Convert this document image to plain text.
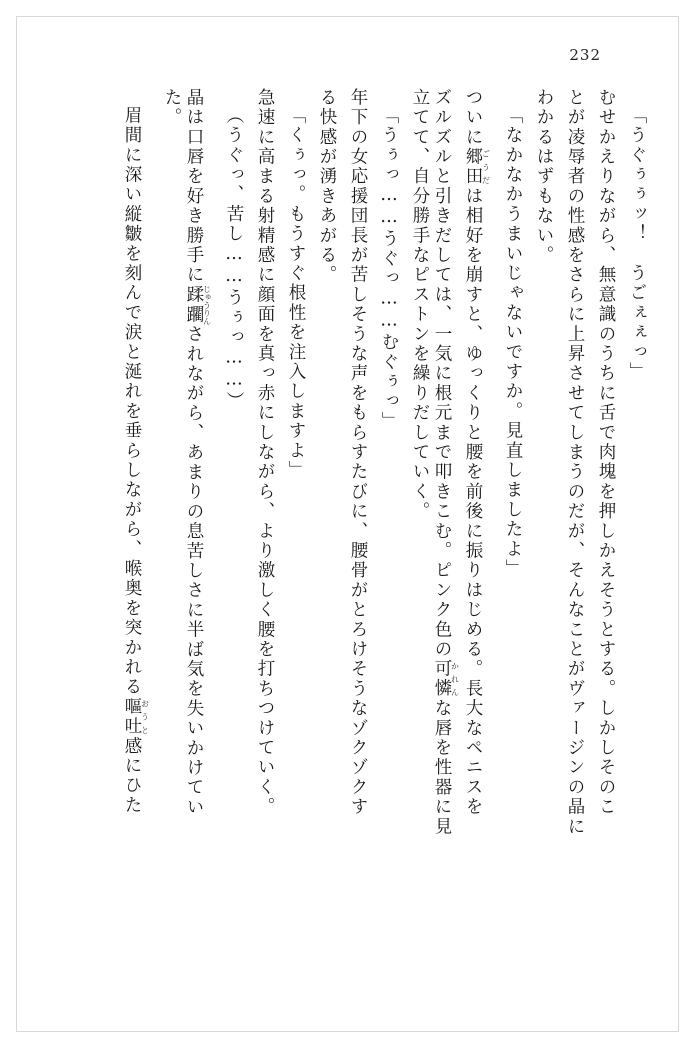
232
「うぐぅぅッ！　うごぇぇっ」
むせかえりながら、無意識のうちに舌で肉塊を押しかえそうとする。しかしそのこ
とが凌辱者の性感をさらに上昇させてしまうのだが、そんなことがヴァージンの晶に
わかるはずもない。
「なかなかうまいじゃないですか。見直しましたよ」
ついに郷田ごうだは相好を崩すと、ゆっくりと腰を前後に振りはじめる。長大なペニスを
ズルズルと引きだしては、一気に根元まで叩きこむ。ピンク色の可憐かれんな唇を性器に見
立てて、自分勝手なピストンを繰りだしていく。
「うぅっ……うぐっ……むぐぅっ」
年下の女応援団長が苦しそうな声をもらすたびに、腰骨がとろけそうなゾクゾクす
る快感が湧きあがる。
「くぅっ。もうすぐ根性を注入しますよ」
急速に高まる射精感に顔面を真っ赤にしながら、より激しく腰を打ちつけていく。
（うぐっ、苦し……うぅっ……）
晶は口唇を好き勝手に蹂躙じゅうりんされながら、あまりの息苦しさに半ば気を失いかけてい
た。
眉間に深い縦皺を刻んで涙と涎れを垂らしながら、喉奥を突かれる嘔吐おうと感にひた
